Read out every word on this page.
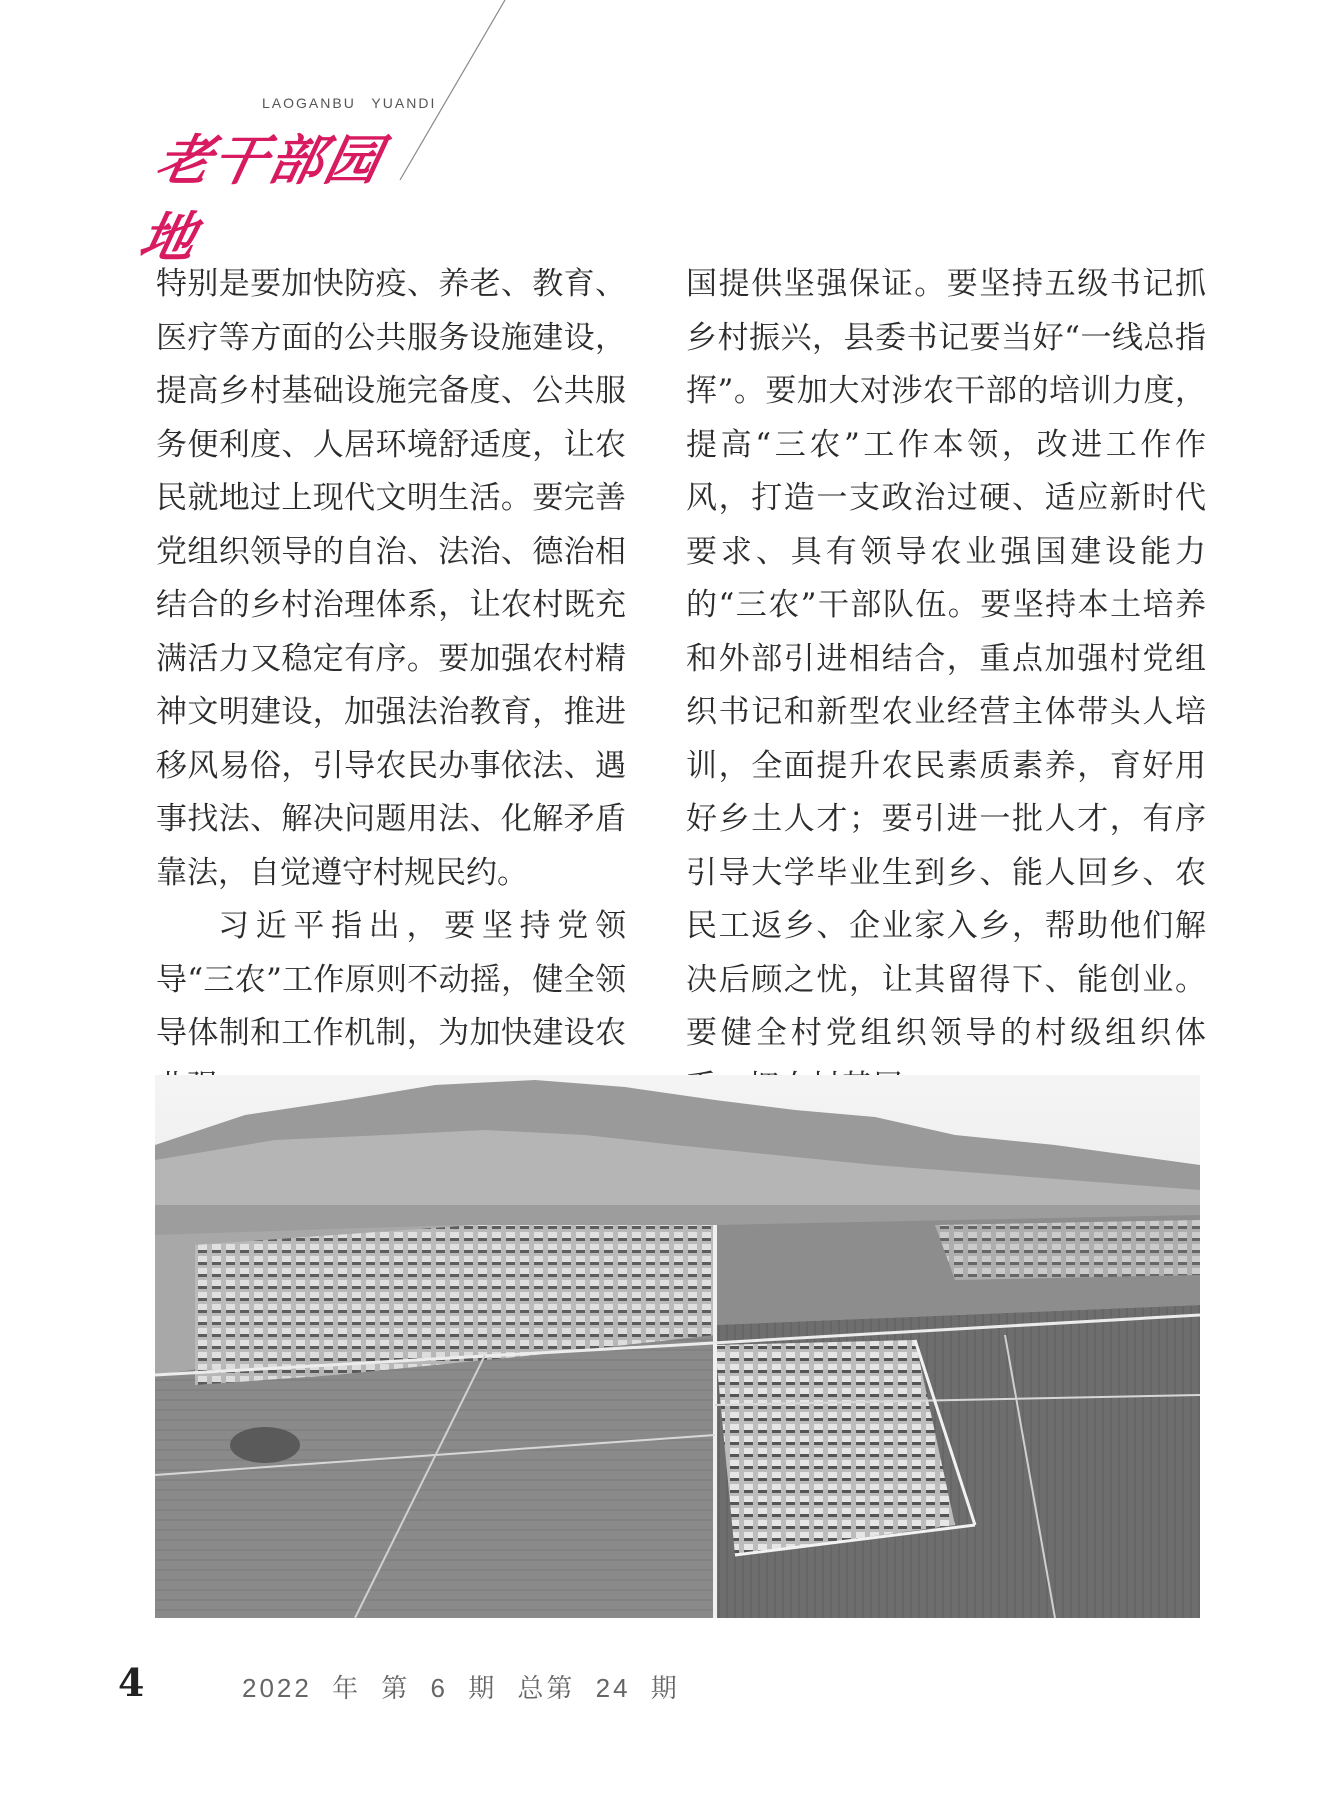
LAOGANBU YUANDI
老干部园地

特别是要加快防疫、养老、教育、医疗等方面的公共服务设施建设，提高乡村基础设施完备度、公共服务便利度、人居环境舒适度，让农民就地过上现代文明生活。要完善党组织领导的自治、法治、德治相结合的乡村治理体系，让农村既充满活力又稳定有序。要加强农村精神文明建设，加强法治教育，推进移风易俗，引导农民办事依法、遇事找法、解决问题用法、化解矛盾靠法，自觉遵守村规民约。

习近平指出，要坚持党领导“三农”工作原则不动摇，健全领导体制和工作机制，为加快建设农

国提供坚强保证。要坚持五级书记抓乡村振兴，县委书记要当好“一线总指挥”。要加大对涉农干部的培训力度，提高“三农”工作本领，改进工作作风，打造一支政治过硬、适应新时代要求、具有领导农业强国建设能力的“三农”干部队伍。要坚持本土培养和外部引进相结合，重点加强村党组织书记和新型农业经营主体带头人培训，全面提升农民素质素养，育好用好乡土人才；要引进一批人才，有序引导大学毕业生到乡、能人回乡、农民工返乡、企业家入乡，帮助他们解决后顾之忧，让其留得下、能创业。要健全村党组织领导的村级组织体

4	2022 年 第 6 期 总第 24 期
